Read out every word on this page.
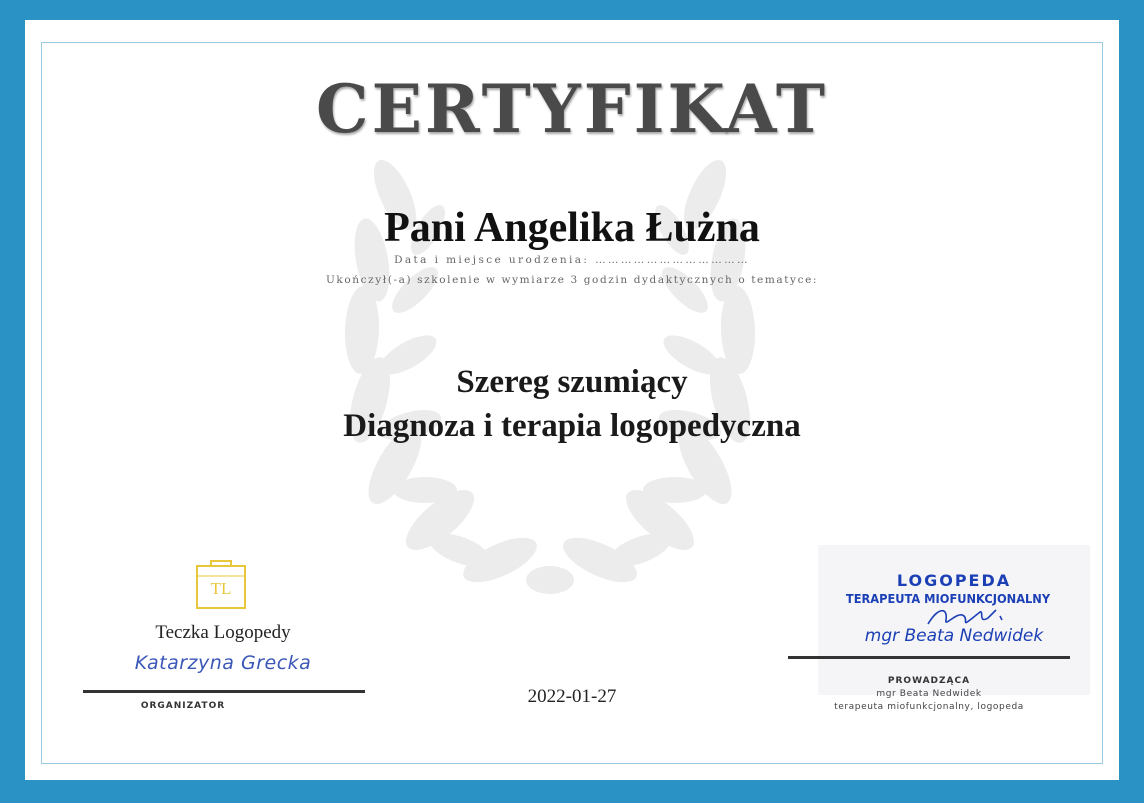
CERTYFIKAT
Pani Angelika Łużna
Data i miejsce urodzenia: ………………………………
Ukończył(-a) szkolenie w wymiarze 3 godzin dydaktycznych o tematyce:
Szereg szumiący
Diagnoza i terapia logopedyczna
TL
Teczka Logopedy
Katarzyna Grecka
ORGANIZATOR	2022-01-27
LOGOPEDA
TERAPEUTA MIOFUNKCJONALNY
mgr Beata Nedwidek
PROWADZĄCA
mgr Beata Nedwidek
terapeuta miofunkcjonalny, logopeda
